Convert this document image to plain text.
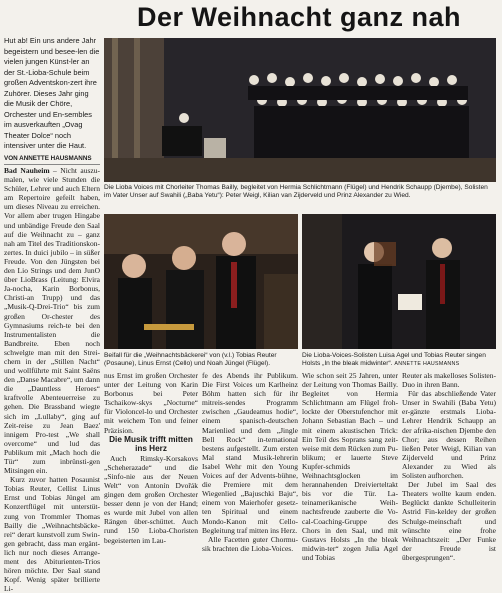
Der Weihnacht ganz nah
Hut ab! Ein uns andere Jahr begeistern und besee-len die vielen jungen Künst-ler an der St.-Lioba-Schule beim großen Adventskon-zert ihre Zuhörer. Dieses Jahr ging die Musik der Chöre, Orchester und En-sembles im ausverkauften „Ovag Theater Dolce“ noch intensiver unter die Haut.
VON ANNETTE HAUSMANNS
Die Lioba Voices mit Chorleiter Thomas Bailly, begleitet von Hermia Schlichtmann (Flügel) und Hendrik Schaupp (Djembe), Solisten im Vater Unser auf Swahili („Baba Yetu“): Peter Weigl, Kilian van Zijderveld und Prinz Alexander zu Wied.

Bad Nauheim – Nicht auszu-malen, wie viele Stunden die Schüler, Lehrer und auch Eltern am Repertoire gefeilt haben, um dieses Niveau zu erreichen. Vor allem aber trugen Hingabe und unbändige Freude den Saal auf die Weihnacht zu – ganz nah am Titel des Traditionskon-zertes. In duici jubilo – in süßer Freude. Von den Jüngsten bei den Lio Strings und dem JunO über LioBrass (Leitung: Elvira Ja-nocha, Karin Borbonus, Christi-an Trupp) und das „Musik-Q-Drei-Trio“ bis zum großen Or-chester des Gymnasiums reich-te bei den Instrumentalisten die Bandbreite. Eben noch schwelgte man mit den Strei-chern in der „Stillen Nacht“ und wollführte mit Saint Saëns den „Danse Macabre“, um dann die „Dauntless Heroes“ kraftvolle Abenteuerreise zu gehen. Die Brassband wiegte sich im „Lullaby“, ging auf Zeit-reise zu Jean Baez' innigem Pro-test „We shall overcome“ und lud das Publikum mit „Mach hoch die Tür“ zum inbrünsti-gen Mitsingen ein.

Kurz zuvor hatten Posaunist Tobias Reuter, Cellist Linus Ernst und Tobias Jüngel am Konzertflügel mit unterstüt-zung von Trommler Thomas Bailly die „Weihnachtsbäcke-rei“ derart kunstvoll zum Swin-gen gebracht, dass man ergänt-lich nur noch dieses Arrange-ment des Abiturienten-Trios hören möchte. Der Saal stand Kopf. Wenig später brillierte Li-

Beifall für die „Weihnachtsbäckerei“ von (v.l.) Tobias Reuter (Posaune), Linus Ernst (Cello) und Noah Jüngel (Flügel).
Die Lioba-Voices-Solisten Luisa Agel und Tobias Reuter singen Holsts „In the bleak midwinter“. ANNETTE HAUSMANNS

nus Ernst im großen Orchester unter der Leitung von Karin Borbonus bei Peter Tschaikow-skys „Nocturne“ für Violoncel-lo und Orchester mit weichem Ton und feiner Präzision.

Die Musik trifft mitten ins Herz

Auch Rimsky-Korsakovs „Scheherazade“ und die „Sinfo-nie aus der Neuen Welt“ von Antonín Dvořák gingen dem großen Orchester besser denn je von der Hand; es wurde mit Jubel von allen Rängen über-schüttet. Auch rund 150 Lioba-Choristen begeisterten im Lau-

fe des Abends ihr Publikum. Die First Voices um Karlheinz Böhm hatten sich für ihr mitreis-sendes Programm zwischen „Gaudeamus hodie“, einem spanisch-deutschen Marienlied und dem „Jingle Bell Rock“ in-ternational bestens aufgestellt. Zum ersten Mal stand Musik-lehrerin Isabel Wehr mit den Young Voices auf der Advents-bühne, die Premiere mit dem Wiegenlied „Bajuschki Baju“, einem von Maierhofer gesetz-ten Spiritual und einem Mondo-Kanon mit Cello-Begleitung traf mitten ins Herz.

Alle Facetten guter Chormu-sik brachten die Lioba-Voices.

Wie schon seit 25 Jahren, unter der Leitung von Thomas Bailly. Begleitet von Hermia Schlichtmann am Flügel froh-lockte der Oberstufenchor mit Johann Sebastian Bach – und mit einem akustischen Trick: Ein Teil des Soprans sang zeit-weise mit dem Rücken zum Pu-blikum; er lauerte Steve Kupfer-schmids Weihnachtsglocken im herannahenden Dreivierteltakt bis vor die Tür. La-teinamerikanische Weih-nachtsfreude zauberte die Vo-cal-Coaching-Gruppe des Chors in den Saal, und mit Gustavs Holsts „In the bleak midwin-ter“ zogen Julia Agel und Tobias

Reuter als makelloses Solisten-Duo in ihren Bann.

Für das abschließende Vater Unser in Swahili (Baba Yetu) er-gänzte erstmals Lioba-Lehrer Hendrik Schaupp an der afrika-nischen Djembe den Chor; aus dessen Reihen ließen Peter Weigl, Kilian van Zijderveld und Prinz Alexander zu Wied als Solisten aufhorchen.

Der Jubel im Saal des Theaters wollte kaum enden. Beglückt dankte Schulleiterin Astrid Fin-keldey der großen Schulge-meinschaft und wünschte eine frohe Weihnachtszeit: „Der Funke der Freude ist übergesprungen“.
